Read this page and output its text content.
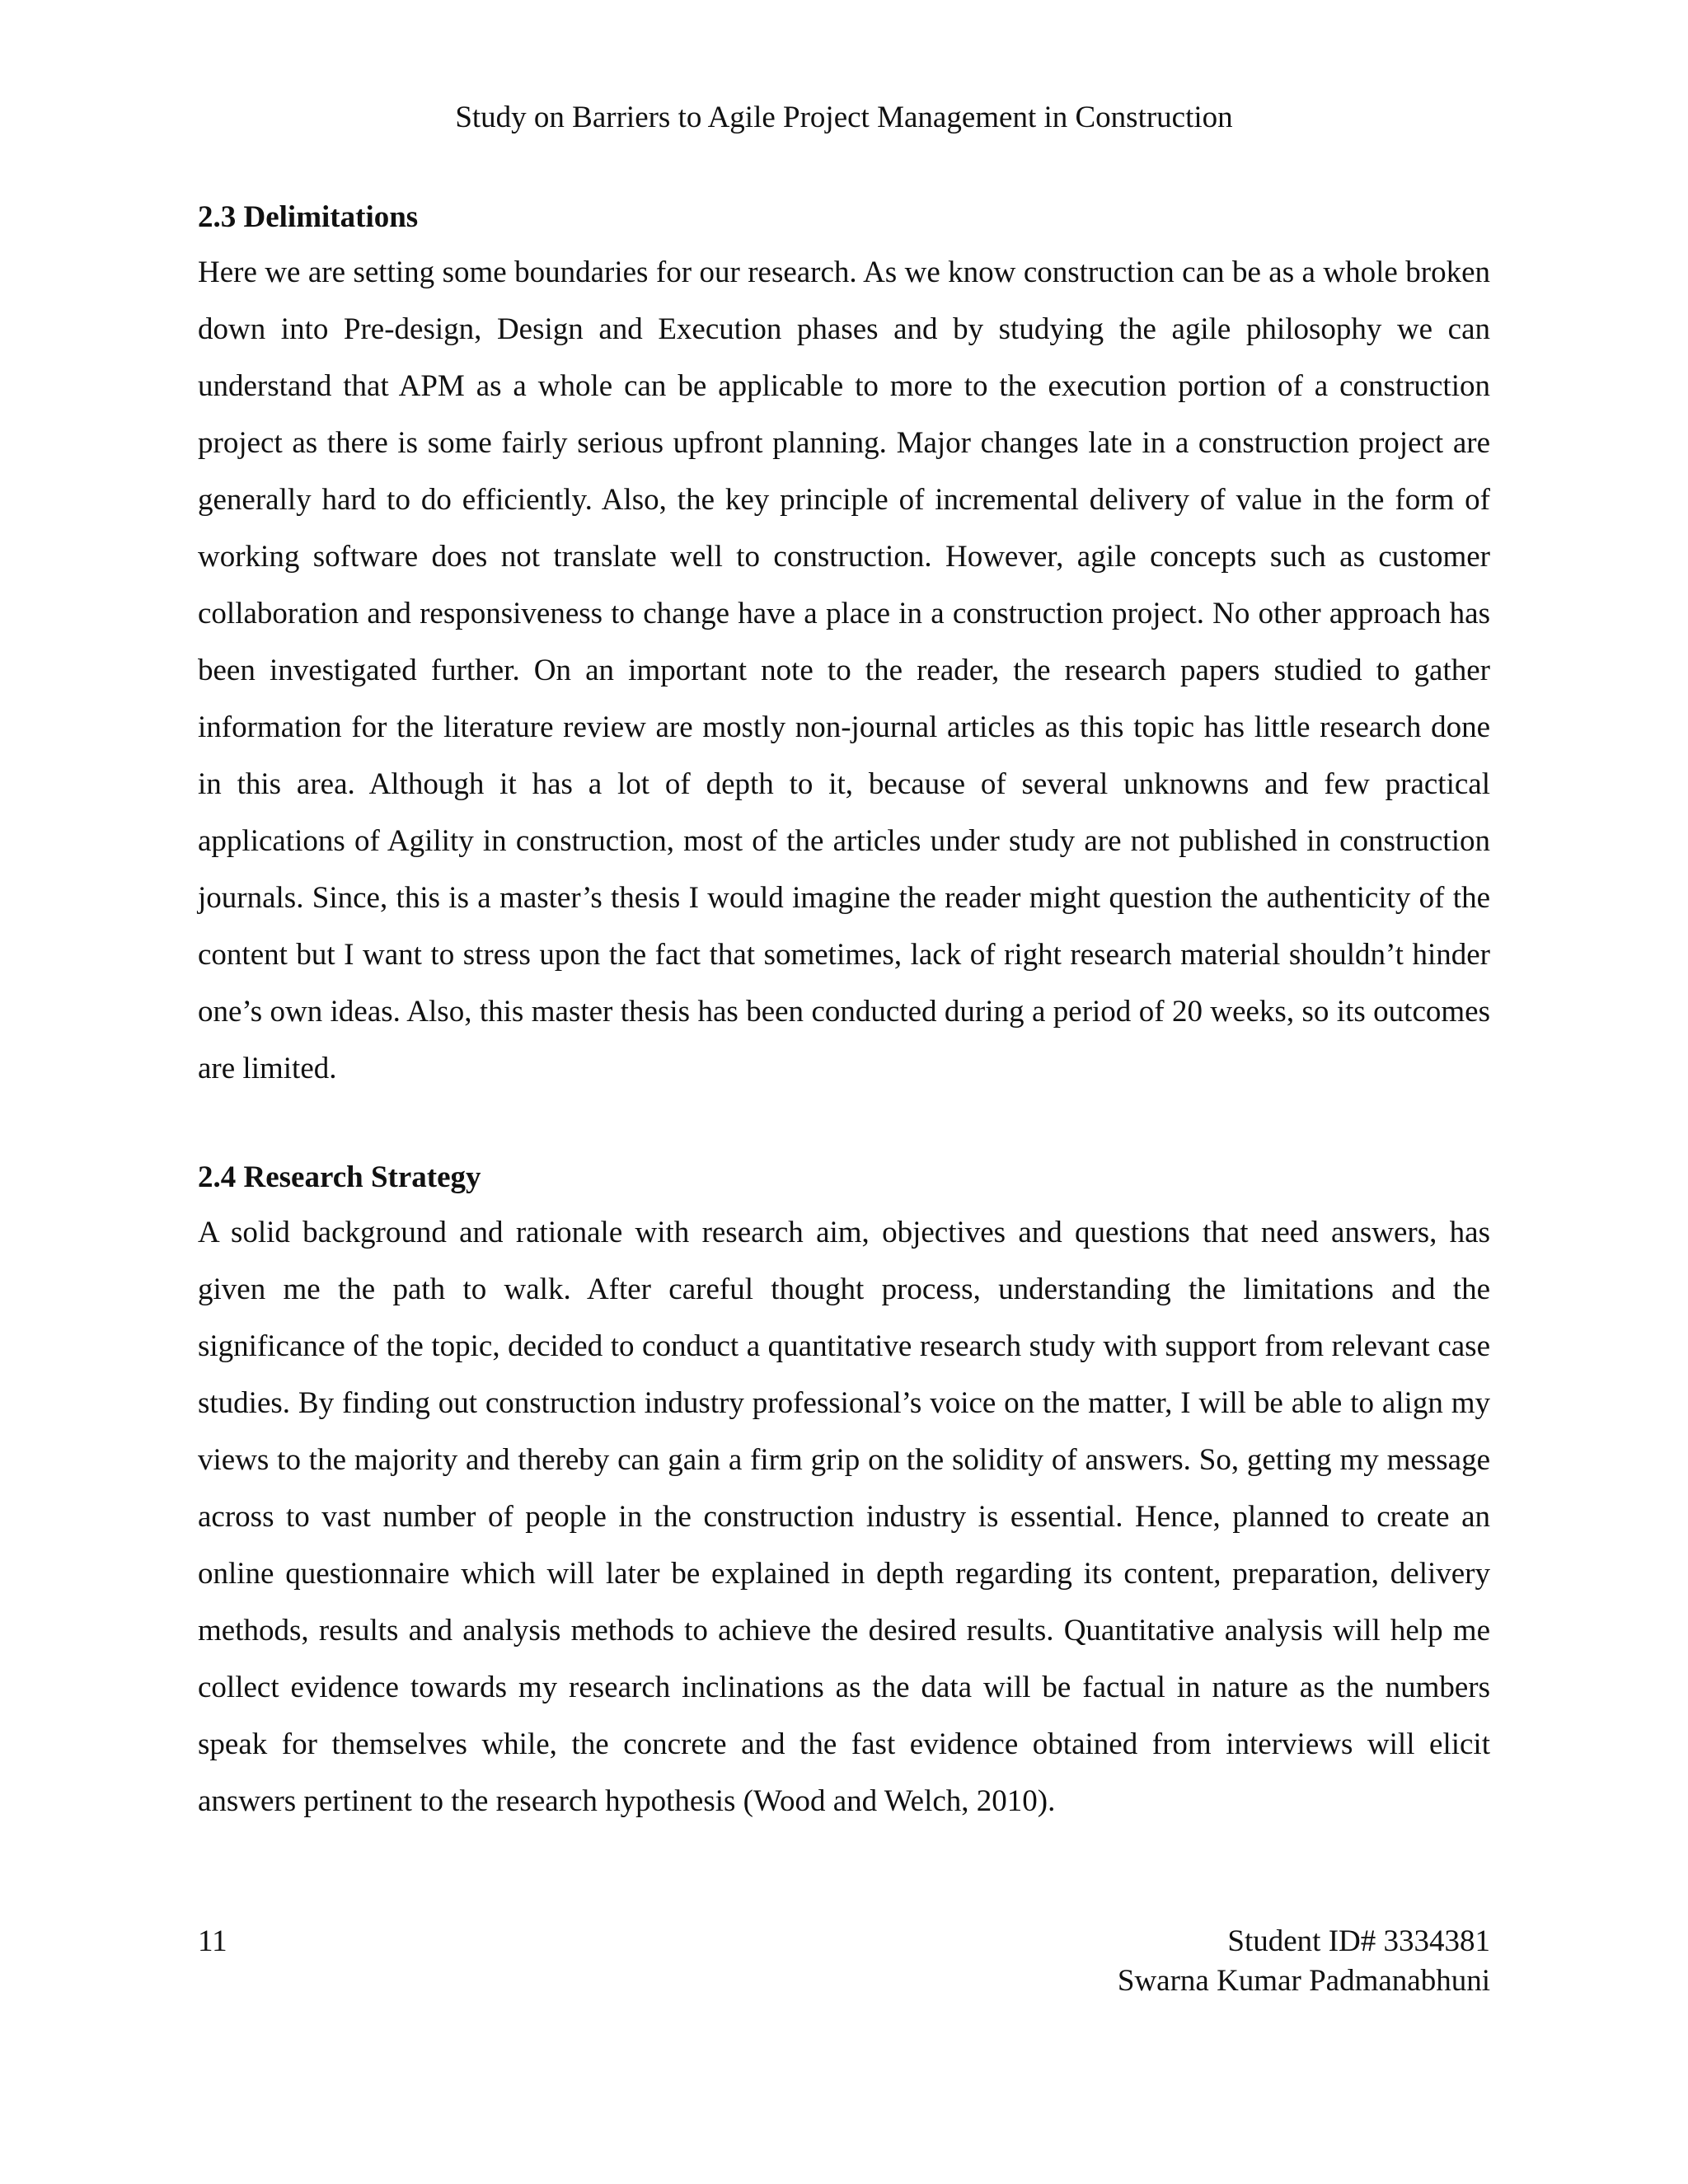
Study on Barriers to Agile Project Management in Construction
2.3 Delimitations

Here we are setting some boundaries for our research. As we know construction can be as a whole broken down into Pre-design, Design and Execution phases and by studying the agile philosophy we can understand that APM as a whole can be applicable to more to the execution portion of a construction project as there is some fairly serious upfront planning. Major changes late in a construction project are generally hard to do efficiently. Also, the key principle of incremental delivery of value in the form of working software does not translate well to construction. However, agile concepts such as customer collaboration and responsiveness to change have a place in a construction project. No other approach has been investigated further. On an important note to the reader, the research papers studied to gather information for the literature review are mostly non-journal articles as this topic has little research done in this area. Although it has a lot of depth to it, because of several unknowns and few practical applications of Agility in construction, most of the articles under study are not published in construction journals. Since, this is a master’s thesis I would imagine the reader might question the authenticity of the content but I want to stress upon the fact that sometimes, lack of right research material shouldn’t hinder one’s own ideas. Also, this master thesis has been conducted during a period of 20 weeks, so its outcomes are limited.

2.4 Research Strategy

A solid background and rationale with research aim, objectives and questions that need answers, has given me the path to walk. After careful thought process, understanding the limitations and the significance of the topic, decided to conduct a quantitative research study with support from relevant case studies. By finding out construction industry professional’s voice on the matter, I will be able to align my views to the majority and thereby can gain a firm grip on the solidity of answers. So, getting my message across to vast number of people in the construction industry is essential. Hence, planned to create an online questionnaire which will later be explained in depth regarding its content, preparation, delivery methods, results and analysis methods to achieve the desired results. Quantitative analysis will help me collect evidence towards my research inclinations as the data will be factual in nature as the numbers speak for themselves while, the concrete and the fast evidence obtained from interviews will elicit answers pertinent to the research hypothesis (Wood and Welch, 2010).

11	Student ID# 3334381
Swarna Kumar Padmanabhuni
